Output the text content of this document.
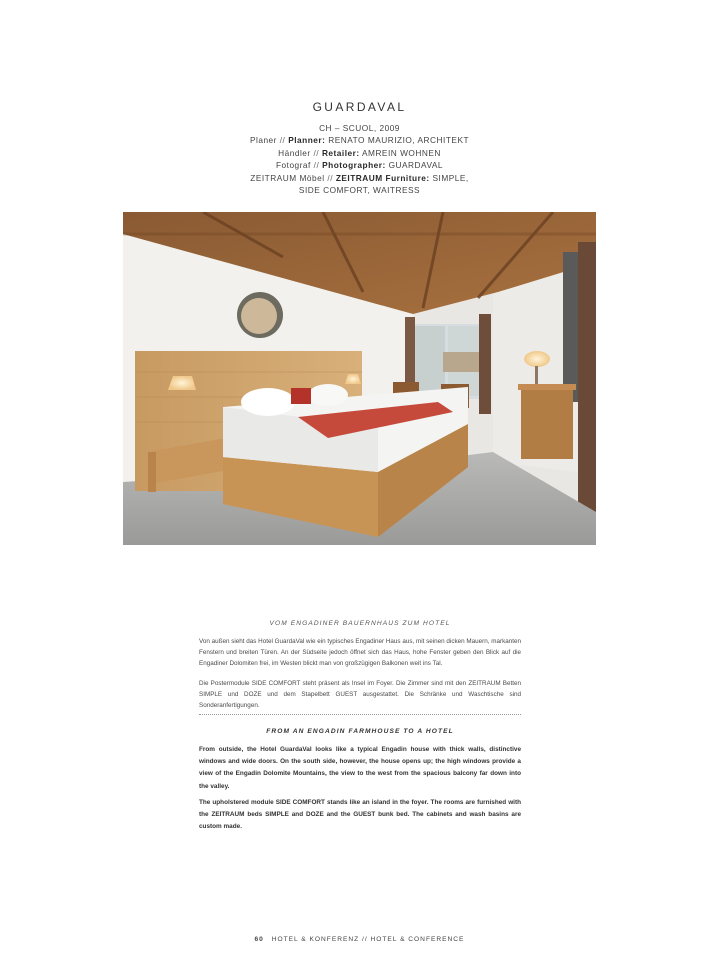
GUARDAVAL
CH – SCUOL, 2009
Planer // Planner: RENATO MAURIZIO, ARCHITEKT
Händler // Retailer: AMREIN WOHNEN
Fotograf // Photographer: GUARDAVAL
ZEITRAUM Möbel // ZEITRAUM Furniture: SIMPLE,
SIDE COMFORT, WAITRESS
VOM ENGADINER BAUERNHAUS ZUM HOTEL
Von außen sieht das Hotel GuardaVal wie ein typisches Engadiner Haus aus, mit seinen dicken Mauern, markanten Fenstern und breiten Türen. An der Südseite jedoch öffnet sich das Haus, hohe Fenster geben den Blick auf die Engadiner Dolomiten frei, im Westen blickt man von großzügigen Balkonen weit ins Tal.
Die Postermodule SIDE COMFORT steht präsent als Insel im Foyer. Die Zimmer sind mit den ZEITRAUM Betten SIMPLE und DOZE und dem Stapelbett GUEST ausgestattet. Die Schränke und Waschtische sind Sonderanfertigungen.
FROM AN ENGADIN FARMHOUSE TO A HOTEL
From outside, the Hotel GuardaVal looks like a typical Engadin house with thick walls, distinctive windows and wide doors. On the south side, however, the house opens up; the high windows provide a view of the Engadin Dolomite Mountains, the view to the west from the spacious balcony far down into the valley.
The upholstered module SIDE COMFORT stands like an island in the foyer. The rooms are furnished with the ZEITRAUM beds SIMPLE and DOZE and the GUEST bunk bed. The cabinets and wash basins are custom made.
60 HOTEL & KONFERENZ // HOTEL & CONFERENCE
